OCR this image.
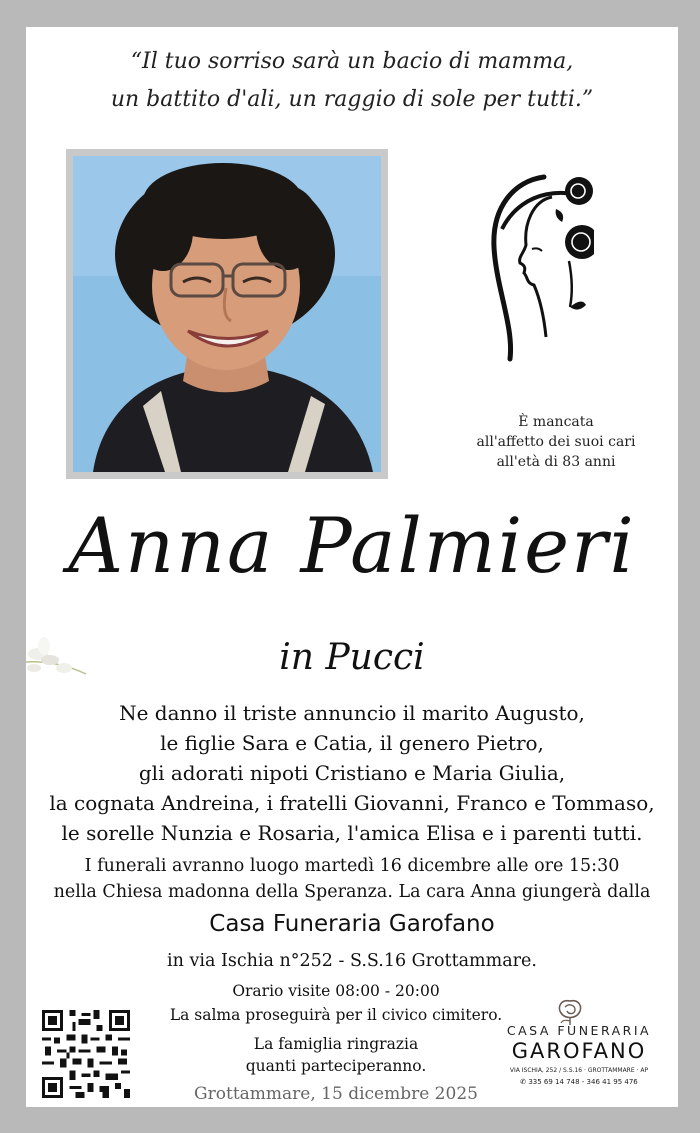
“Il tuo sorriso sarà un bacio di mamma,
un battito d'ali, un raggio di sole per tutti.”
È mancata
all'affetto dei suoi cari
all'età di 83 anni
Anna Palmieri
in Pucci
Ne danno il triste annuncio il marito Augusto,
le figlie Sara e Catia, il genero Pietro,
gli adorati nipoti Cristiano e Maria Giulia,
la cognata Andreina, i fratelli Giovanni, Franco e Tommaso,
le sorelle Nunzia e Rosaria, l'amica Elisa e i parenti tutti.
I funerali avranno luogo martedì 16 dicembre alle ore 15:30
nella Chiesa madonna della Speranza. La cara Anna giungerà dalla
Casa Funeraria Garofano
in via Ischia n°252 - S.S.16 Grottammare.
Orario visite 08:00 - 20:00
La salma proseguirà per il civico cimitero.
La famiglia ringrazia
quanti parteciperanno.
CASA FUNERARIA
GAROFANO
VIA ISCHIA, 252 / S.S.16 · GROTTAMMARE · AP
✆ 335 69 14 748 - 346 41 95 476
Grottammare, 15 dicembre 2025
